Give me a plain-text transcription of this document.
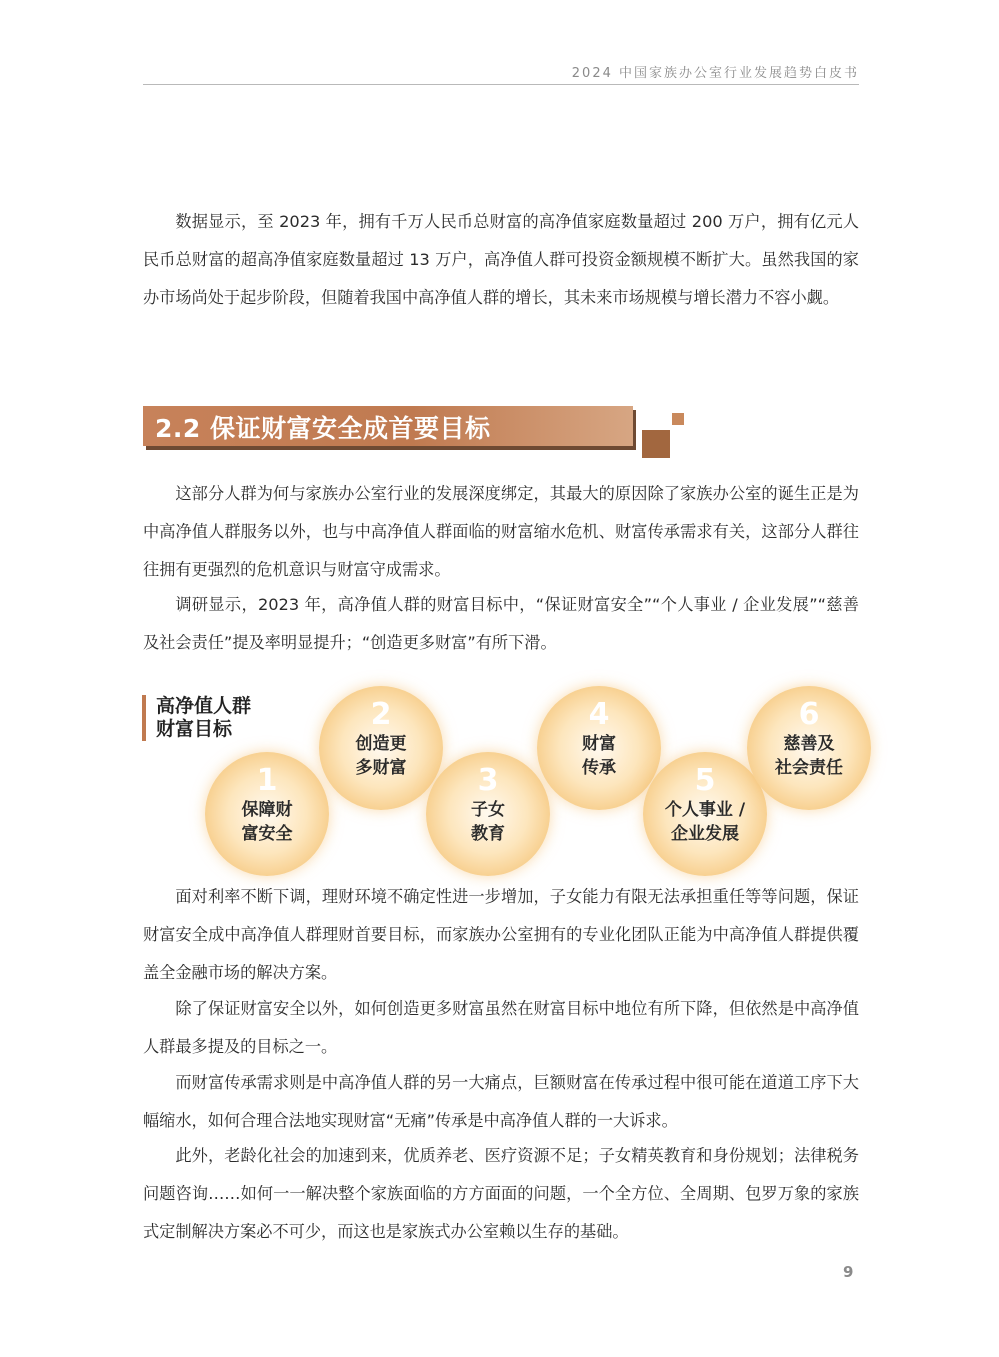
2024 中国家族办公室行业发展趋势白皮书

数据显示，至 2023 年，拥有千万人民币总财富的高净值家庭数量超过 200 万户，拥有亿元人民币总财富的超高净值家庭数量超过 13 万户，高净值人群可投资金额规模不断扩大。虽然我国的家办市场尚处于起步阶段，但随着我国中高净值人群的增长，其未来市场规模与增长潜力不容小觑。

2.2 保证财富安全成首要目标

这部分人群为何与家族办公室行业的发展深度绑定，其最大的原因除了家族办公室的诞生正是为中高净值人群服务以外，也与中高净值人群面临的财富缩水危机、财富传承需求有关，这部分人群往往拥有更强烈的危机意识与财富守成需求。

调研显示，2023 年，高净值人群的财富目标中，“保证财富安全”“个人事业 / 企业发展”“慈善及社会责任”提及率明显提升；“创造更多财富”有所下滑。

高净值人群
财富目标
1
保障财
富安全
2
创造更
多财富	3
子女
教育
4
财富
传承	5
个人事业 /
企业发展
6
慈善及
社会责任

面对利率不断下调，理财环境不确定性进一步增加，子女能力有限无法承担重任等等问题，保证财富安全成中高净值人群理财首要目标，而家族办公室拥有的专业化团队正能为中高净值人群提供覆盖全金融市场的解决方案。

除了保证财富安全以外，如何创造更多财富虽然在财富目标中地位有所下降，但依然是中高净值人群最多提及的目标之一。

而财富传承需求则是中高净值人群的另一大痛点，巨额财富在传承过程中很可能在道道工序下大幅缩水，如何合理合法地实现财富“无痛”传承是中高净值人群的一大诉求。

此外，老龄化社会的加速到来，优质养老、医疗资源不足；子女精英教育和身份规划；法律税务问题咨询……如何一一解决整个家族面临的方方面面的问题，一个全方位、全周期、包罗万象的家族式定制解决方案必不可少，而这也是家族式办公室赖以生存的基础。

9
